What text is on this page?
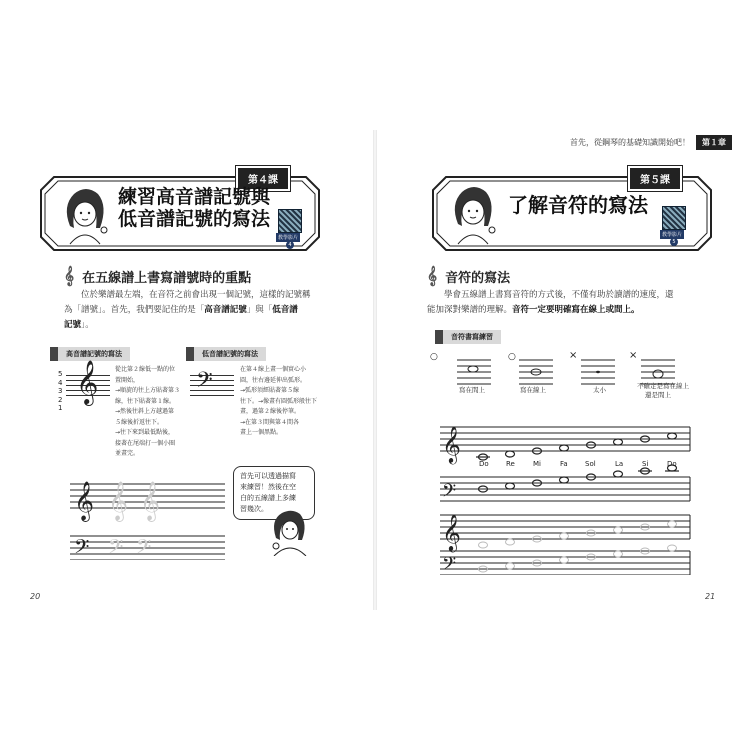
首先，從鋼琴的基礎知識開始吧！	第１章
第４課
練習高音譜記號與
低音譜記號的寫法
教學影片
4
𝄞 在五線譜上書寫譜號時的重點
位於樂譜最左端，在音符之前會出現一個記號，這樣的記號稱
為「譜號」。首先，我們要記住的是「高音譜記號」與「低音譜
記號」。
高音譜記號的寫法
5
4
3
2
1
𝄞	從比第２線低一點的位
置開始，
→順旋的往上方貼著第３
線，往下貼著第１線。
→然後往斜上方越過第
５線後折返往下。
→往下來到最低點後，
接著在尾端打一個小圈
並畫完。
低音譜記號的寫法
𝄢	在第４線上畫一個實心小
圓，往右邊延伸出弧形。
→弧形須經貼著第５線
往下。→像畫有圓弧形般往下
畫，過第２線後停筆。
→在第３間與第４間各
畫上一個黑點。
𝄞 𝄞 𝄞
𝄢 𝄢 𝄢
首先可以透過描寫
來練習！然後在空
白的五線譜上多練
習幾次。
20
第５課
了解音符的寫法
教學影片
5
𝄞 音符的寫法
學會五線譜上書寫音符的方式後，不僅有助於讀譜的速度，還
能加深對樂譜的理解。音符一定要明確寫在線上或間上。
音符書寫練習
○	○	×	×
寫在間上	寫在線上	太小	不確定是寫在線上
還是間上
𝄞
𝄢
𝄞
𝄢
Do Re	Mi	Fa Sol	La	Si	Do
21
